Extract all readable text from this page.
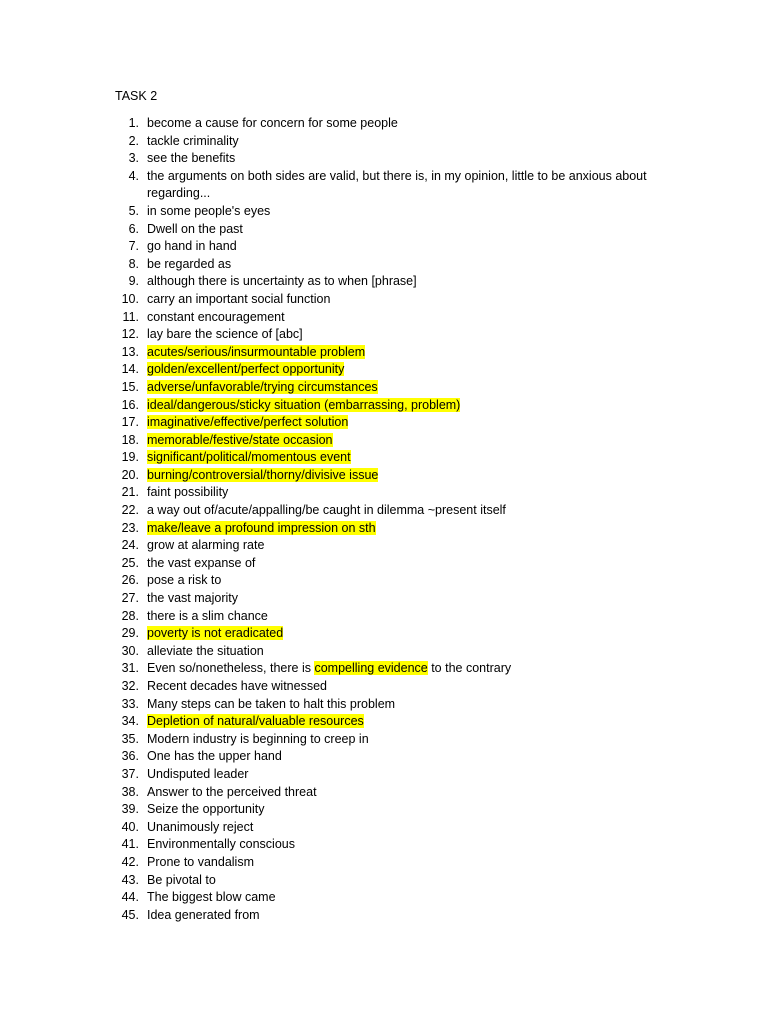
TASK 2
1. become a cause for concern for some people
2. tackle criminality
3. see the benefits
4. the arguments on both sides are valid, but there is, in my opinion, little to be anxious about regarding...
5. in some people's eyes
6. Dwell on the past
7. go hand in hand
8. be regarded as
9. although there is uncertainty as to when [phrase]
10. carry an important social function
11. constant encouragement
12. lay bare the science of [abc]
13. acutes/serious/insurmountable problem
14. golden/excellent/perfect opportunity
15. adverse/unfavorable/trying circumstances
16. ideal/dangerous/sticky situation (embarrassing, problem)
17. imaginative/effective/perfect solution
18. memorable/festive/state occasion
19. significant/political/momentous event
20. burning/controversial/thorny/divisive issue
21. faint possibility
22. a way out of/acute/appalling/be caught in dilemma ~present itself
23. make/leave a profound impression on sth
24. grow at alarming rate
25. the vast expanse of
26. pose a risk to
27. the vast majority
28. there is a slim chance
29. poverty is not eradicated
30. alleviate the situation
31. Even so/nonetheless, there is compelling evidence to the contrary
32. Recent decades have witnessed
33. Many steps can be taken to halt this problem
34. Depletion of natural/valuable resources
35. Modern industry is beginning to creep in
36. One has the upper hand
37. Undisputed leader
38. Answer to the perceived threat
39. Seize the opportunity
40. Unanimously reject
41. Environmentally conscious
42. Prone to vandalism
43. Be pivotal to
44. The biggest blow came
45. Idea generated from
